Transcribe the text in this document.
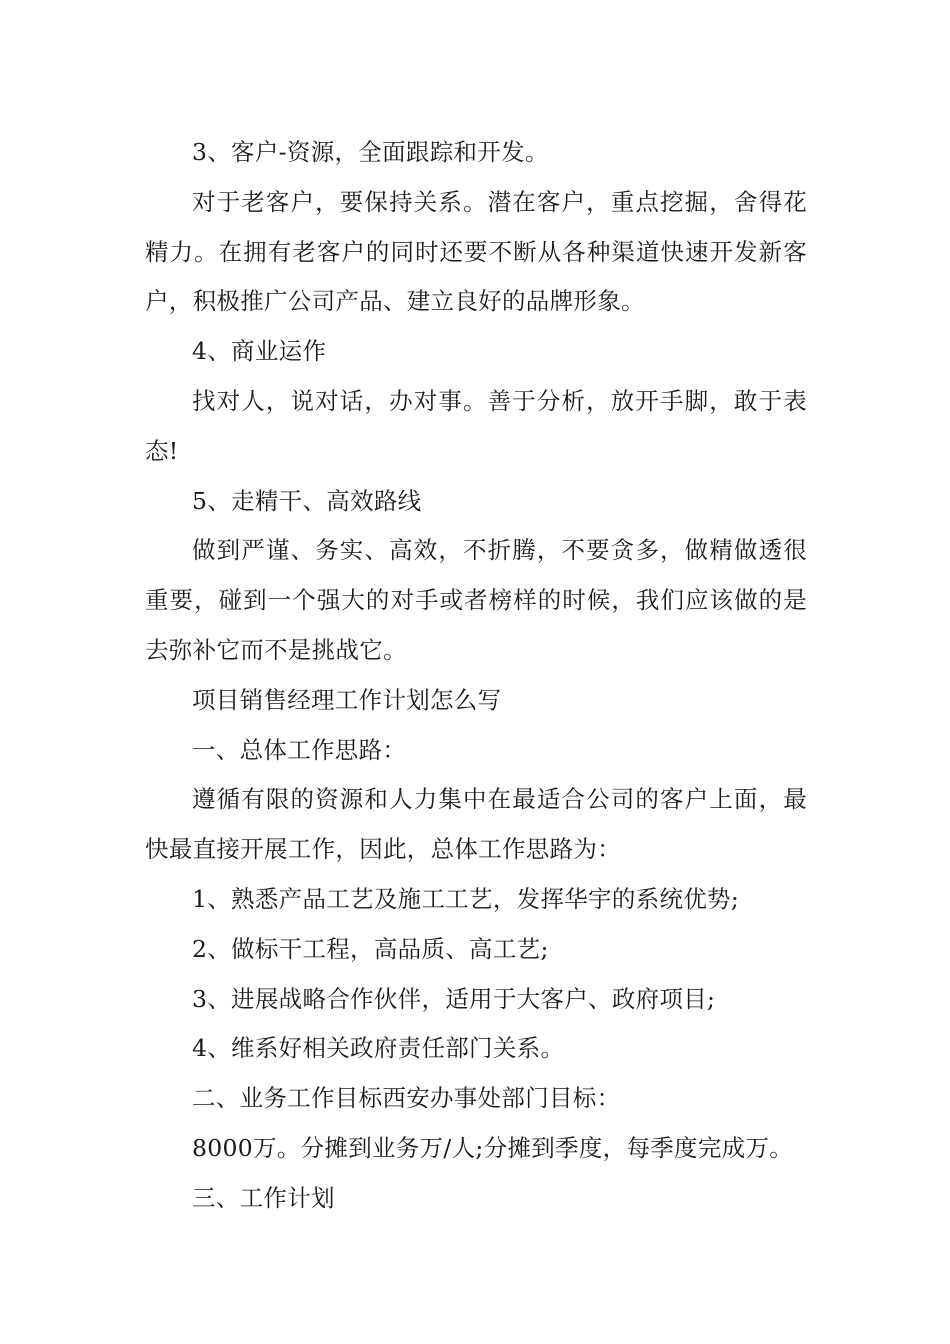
3、客户-资源，全面跟踪和开发。

对于老客户，要保持关系。潜在客户，重点挖掘，舍得花精力。在拥有老客户的同时还要不断从各种渠道快速开发新客户，积极推广公司产品、建立良好的品牌形象。

4、商业运作

找对人，说对话，办对事。善于分析，放开手脚，敢于表态!

5、走精干、高效路线

做到严谨、务实、高效，不折腾，不要贪多，做精做透很重要，碰到一个强大的对手或者榜样的时候，我们应该做的是去弥补它而不是挑战它。

项目销售经理工作计划怎么写

一、总体工作思路：

遵循有限的资源和人力集中在最适合公司的客户上面，最快最直接开展工作，因此，总体工作思路为：

1、熟悉产品工艺及施工工艺，发挥华宇的系统优势;

2、做标干工程，高品质、高工艺;

3、进展战略合作伙伴，适用于大客户、政府项目;

4、维系好相关政府责任部门关系。

二、业务工作目标西安办事处部门目标：

8000万。分摊到业务万/人;分摊到季度，每季度完成万。

三、工作计划
